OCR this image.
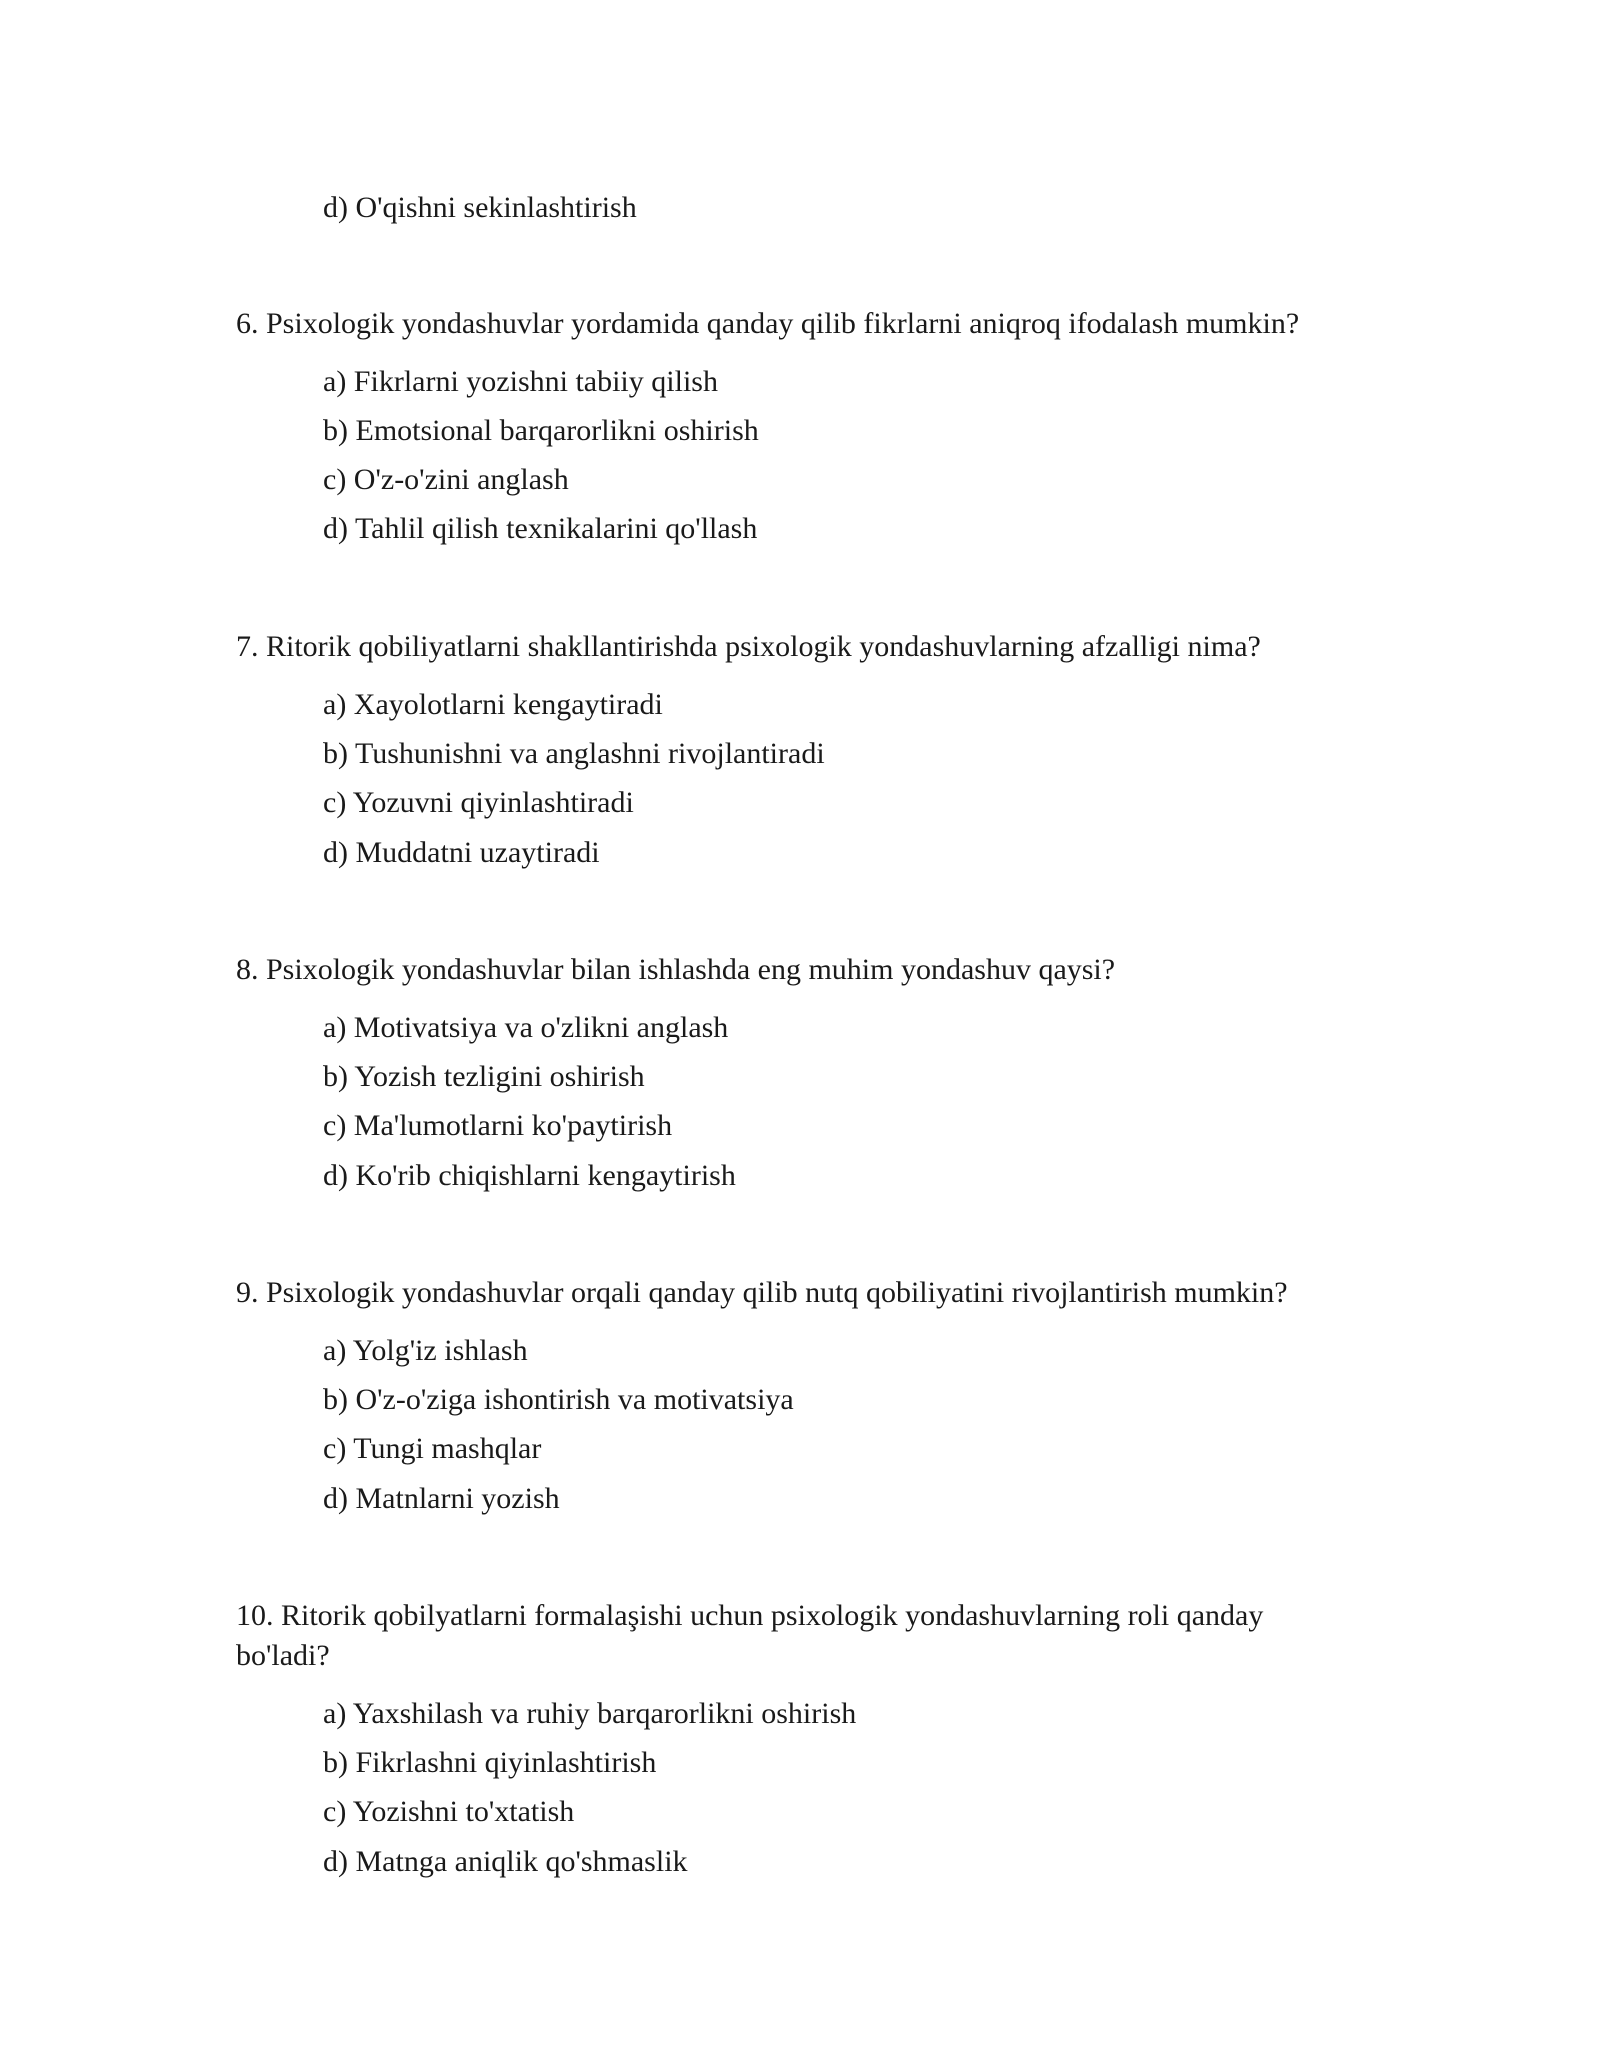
d) O'qishni sekinlashtirish
6. Psixologik yondashuvlar yordamida qanday qilib fikrlarni aniqroq ifodalash mumkin?
a) Fikrlarni yozishni tabiiy qilish
b) Emotsional barqarorlikni oshirish
c) O'z-o'zini anglash
d) Tahlil qilish texnikalarini qo'llash
7. Ritorik qobiliyatlarni shakllantirishda psixologik yondashuvlarning afzalligi nima?
a) Xayolotlarni kengaytiradi
b) Tushunishni va anglashni rivojlantiradi
c) Yozuvni qiyinlashtiradi
d) Muddatni uzaytiradi
8. Psixologik yondashuvlar bilan ishlashda eng muhim yondashuv qaysi?
a) Motivatsiya va o'zlikni anglash
b) Yozish tezligini oshirish
c) Ma'lumotlarni ko'paytirish
d) Ko'rib chiqishlarni kengaytirish
9. Psixologik yondashuvlar orqali qanday qilib nutq qobiliyatini rivojlantirish mumkin?
a) Yolg'iz ishlash
b) O'z-o'ziga ishontirish va motivatsiya
c) Tungi mashqlar
d) Matnlarni yozish
10. Ritorik qobilyatlarni formalaşishi uchun psixologik yondashuvlarning roli qanday bo'ladi?
a) Yaxshilash va ruhiy barqarorlikni oshirish
b) Fikrlashni qiyinlashtirish
c) Yozishni to'xtatish
d) Matnga aniqlik qo'shmaslik
